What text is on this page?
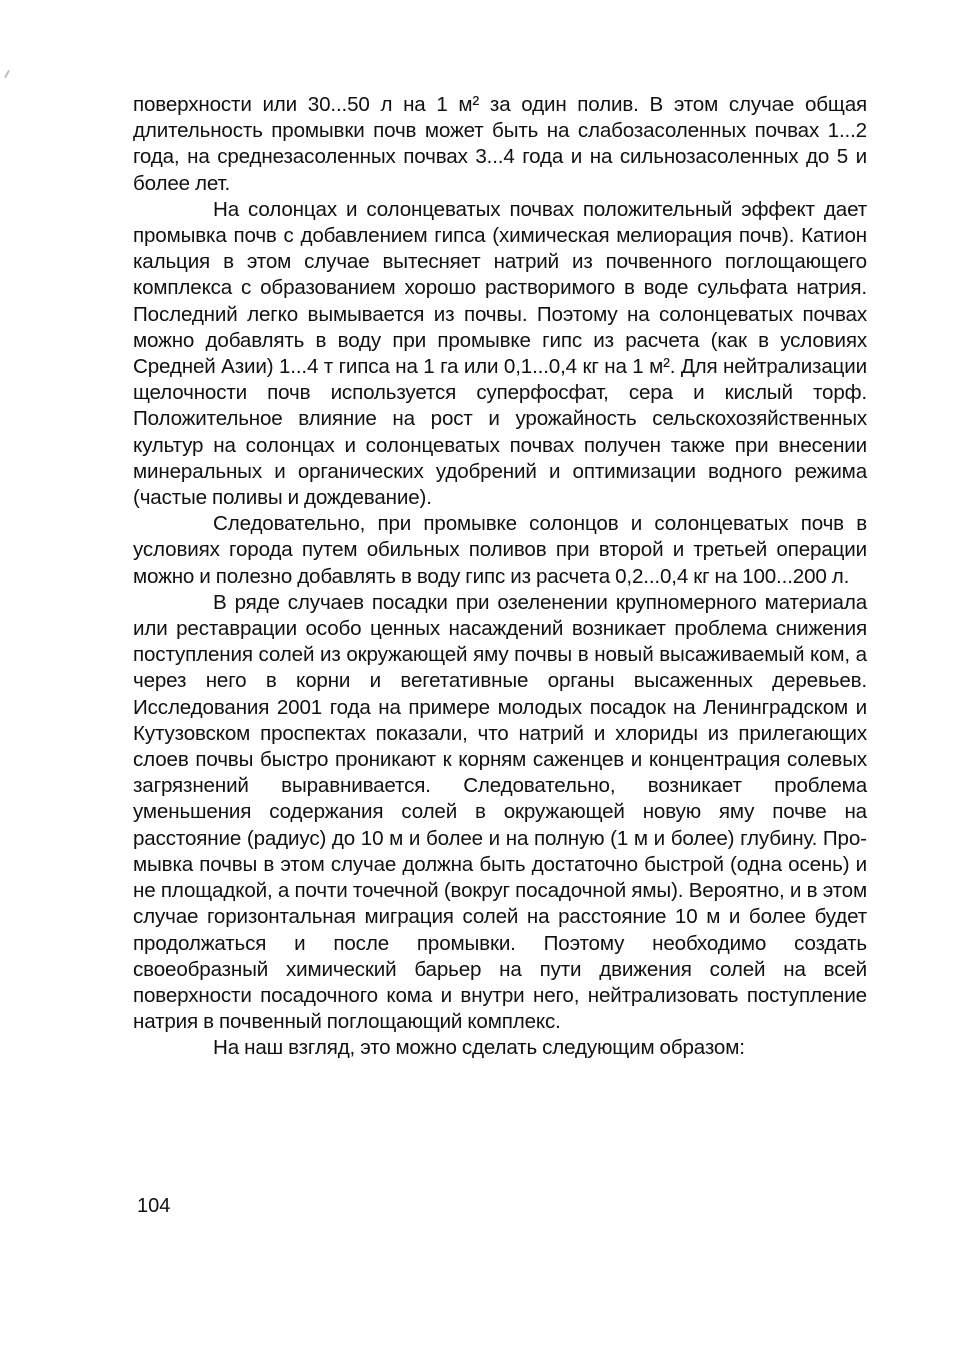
поверхности или 30...50 л на 1 м² за один полив. В этом случае общая длительность промывки почв может быть на слабозасоленных почвах 1...2 года, на среднезасоленных почвах 3...4 года и на сильнозасоленных до 5 и более лет.

На солонцах и солонцеватых почвах положительный эффект дает промывка почв с добавлением гипса (химическая мелиорация почв). Катион кальция в этом случае вытесняет натрий из почвенного поглощающего комплекса с образованием хорошо растворимого в воде сульфата натрия. Последний легко вымывается из почвы. Поэтому на солонцеватых почвах можно добавлять в воду при промывке гипс из расчета (как в условиях Средней Азии) 1...4 т гипса на 1 га или 0,1...0,4 кг на 1 м². Для нейтрализации щелочности почв используется суперфосфат, сера и кислый торф. Положительное влияние на рост и урожайность сельскохозяйственных культур на солонцах и солонцеватых почвах получен также при внесении минеральных и органических удобрений и оптимизации водного режима (частые поливы и дождевание).

Следовательно, при промывке солонцов и солонцеватых почв в условиях города путем обильных поливов при второй и третьей операции можно и полезно добавлять в воду гипс из расчета 0,2...0,4 кг на 100...200 л.

В ряде случаев посадки при озеленении крупномерного материала или реставрации особо ценных насаждений возникает проблема снижения поступления солей из окружающей яму почвы в новый высаживаемый ком, а через него в корни и вегетативные органы высаженных деревьев. Исследования 2001 года на примере молодых посадок на Ленинградском и Кутузовском проспектах показали, что натрий и хлориды из прилегающих слоев почвы быстро проникают к корням саженцев и концентрация солевых загрязнений выравнивается. Следовательно, возникает проблема уменьшения содержания солей в окружающей новую яму почве на расстояние (радиус) до 10 м и более и на полную (1 м и более) глубину. Промывка почвы в этом случае должна быть достаточно быстрой (одна осень) и не площадкой, а почти точечной (вокруг посадочной ямы). Вероятно, и в этом случае горизонтальная миграция солей на расстояние 10 м и более будет продолжаться и после промывки. Поэтому необходимо создать своеобразный химический барьер на пути движения солей на всей поверхности посадочного кома и внутри него, нейтрализовать поступление натрия в почвенный поглощающий комплекс.

На наш взгляд, это можно сделать следующим образом:

104
